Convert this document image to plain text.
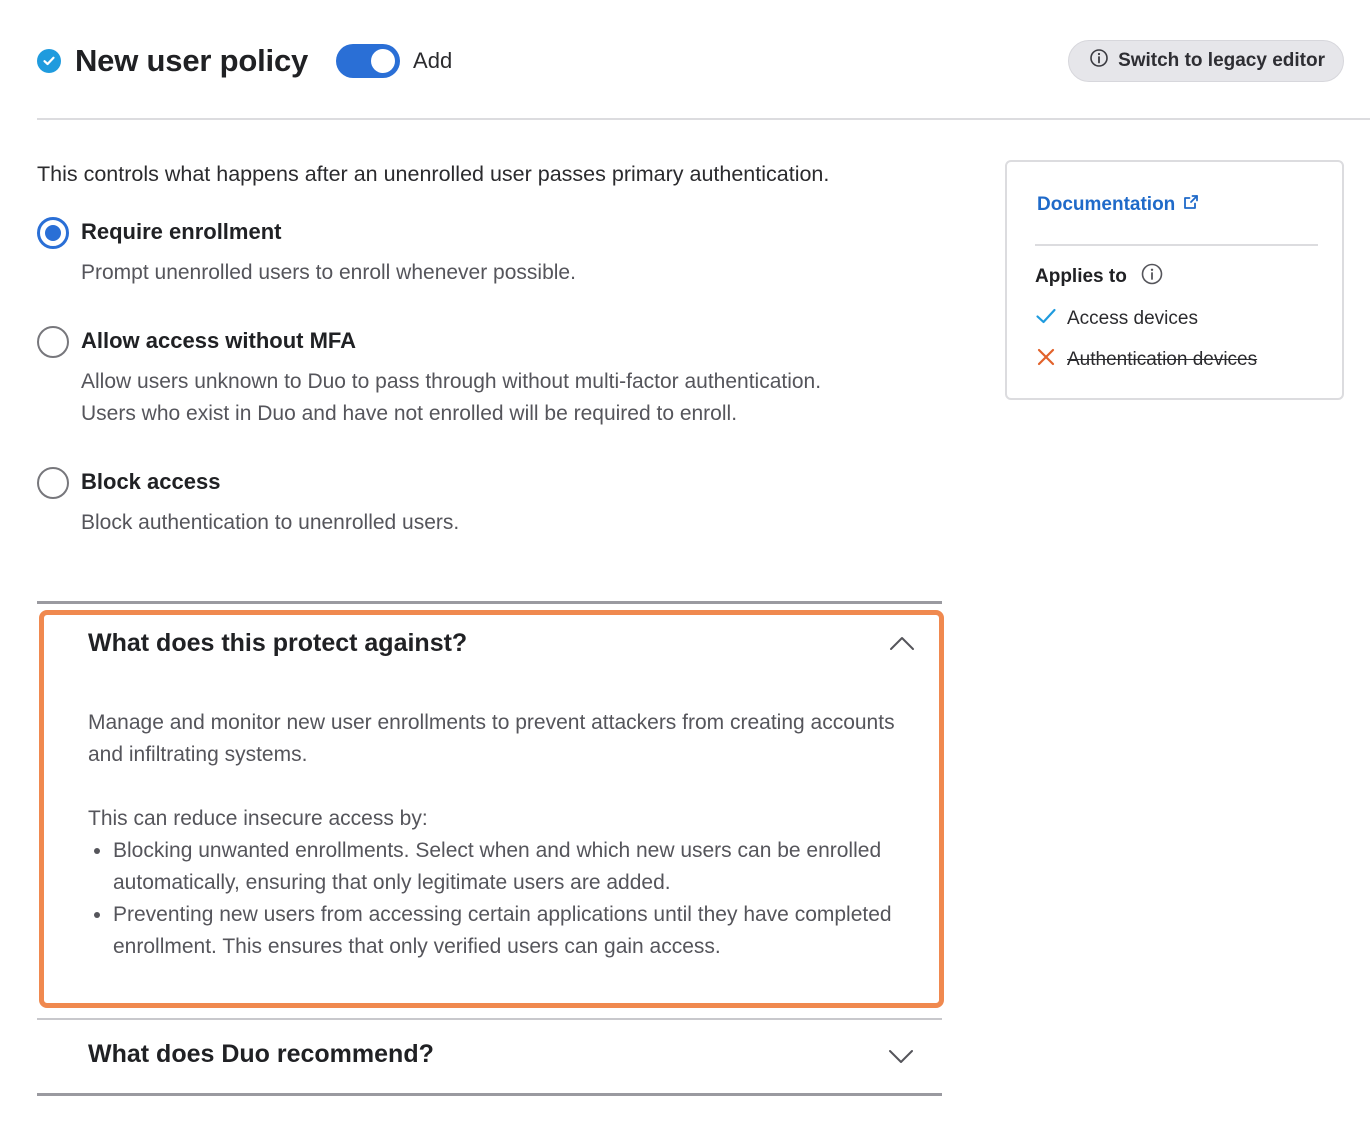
New user policy	Add	Switch to legacy editor
This controls what happens after an unenrolled user passes primary authentication.
Require enrollment
Prompt unenrolled users to enroll whenever possible.
Allow access without MFA
Allow users unknown to Duo to pass through without multi-factor authentication.
Users who exist in Duo and have not enrolled will be required to enroll.
Block access
Block authentication to unenrolled users.
Documentation
Applies to
Access devices
Authentication devices
What does this protect against?

Manage and monitor new user enrollments to prevent attackers from creating accounts and infiltrating systems.

This can reduce insecure access by:

• Blocking unwanted enrollments. Select when and which new users can be enrolled automatically, ensuring that only legitimate users are added.
• Preventing new users from accessing certain applications until they have completed enrollment. This ensures that only verified users can gain access.
What does Duo recommend?
